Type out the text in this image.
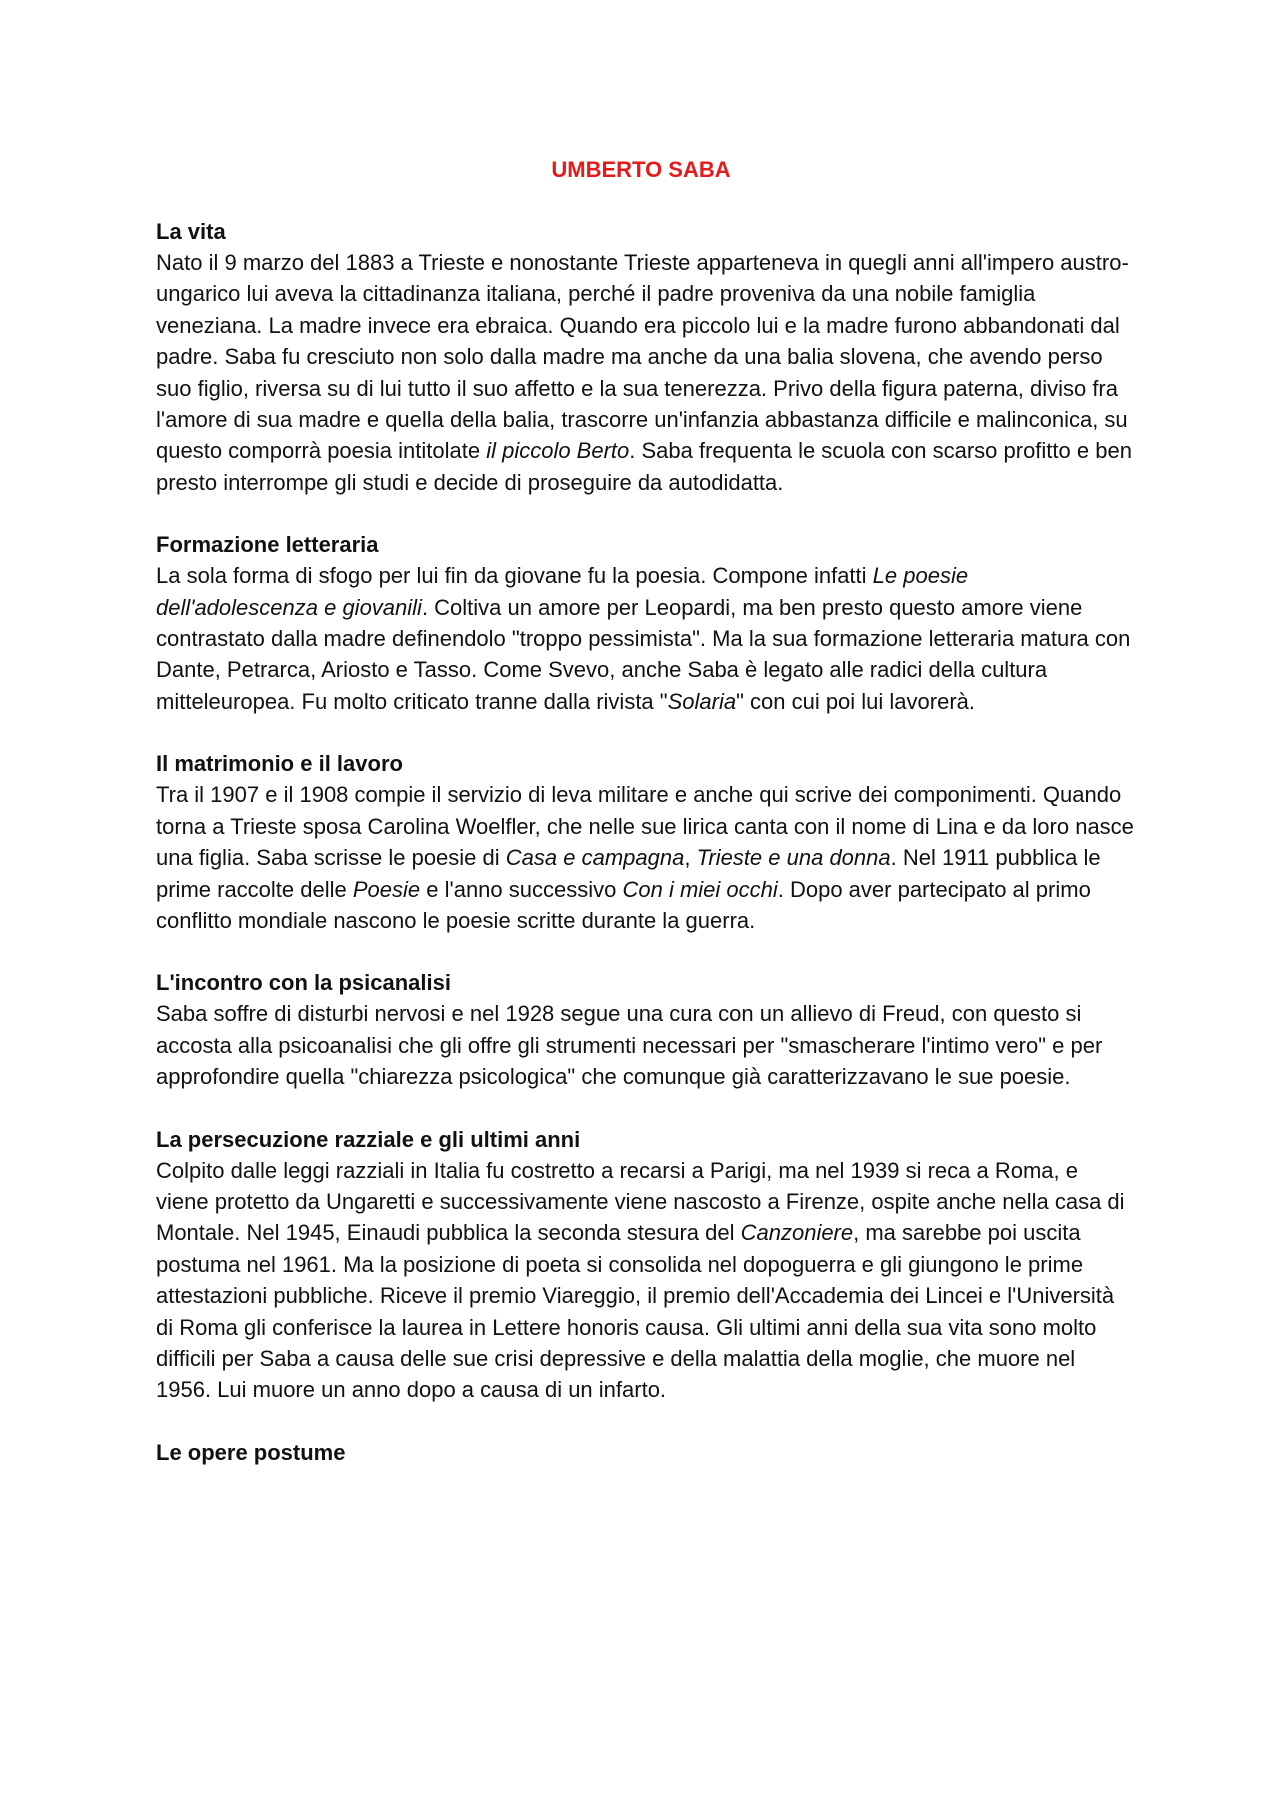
UMBERTO SABA
La vita
Nato il 9 marzo del 1883 a Trieste e nonostante Trieste apparteneva in quegli anni all'impero austro-ungarico lui aveva la cittadinanza italiana, perché il padre proveniva da una nobile famiglia veneziana. La madre invece era ebraica. Quando era piccolo lui e la madre furono abbandonati dal padre. Saba fu cresciuto non solo dalla madre ma anche da una balia slovena, che avendo perso suo figlio, riversa su di lui tutto il suo affetto e la sua tenerezza. Privo della figura paterna, diviso fra l'amore di sua madre e quella della balia, trascorre un'infanzia abbastanza difficile e malinconica, su questo comporrà poesia intitolate il piccolo Berto. Saba frequenta le scuola con scarso profitto e ben presto interrompe gli studi e decide di proseguire da autodidatta.
Formazione letteraria
La sola forma di sfogo per lui fin da giovane fu la poesia. Compone infatti Le poesie dell'adolescenza e giovanili. Coltiva un amore per Leopardi, ma ben presto questo amore viene contrastato dalla madre definendolo "troppo pessimista". Ma la sua formazione letteraria matura con Dante, Petrarca, Ariosto e Tasso. Come Svevo, anche Saba è legato alle radici della cultura mitteleuropea. Fu molto criticato tranne dalla rivista "Solaria" con cui poi lui lavorerà.
Il matrimonio e il lavoro
Tra il 1907 e il 1908 compie il servizio di leva militare e anche qui scrive dei componimenti. Quando torna a Trieste sposa Carolina Woelfler, che nelle sue lirica canta con il nome di Lina e da loro nasce una figlia. Saba scrisse le poesie di Casa e campagna, Trieste e una donna. Nel 1911 pubblica le prime raccolte delle Poesie e l'anno successivo Con i miei occhi. Dopo aver partecipato al primo conflitto mondiale nascono le poesie scritte durante la guerra.
L'incontro con la psicanalisi
Saba soffre di disturbi nervosi e nel 1928 segue una cura con un allievo di Freud, con questo si accosta alla psicoanalisi che gli offre gli strumenti necessari per "smascherare l'intimo vero" e per approfondire quella "chiarezza psicologica" che comunque già caratterizzavano le sue poesie.
La persecuzione razziale e gli ultimi anni
Colpito dalle leggi razziali in Italia fu costretto a recarsi a Parigi, ma nel 1939 si reca a Roma, e viene protetto da Ungaretti e successivamente viene nascosto a Firenze, ospite anche nella casa di Montale. Nel 1945, Einaudi pubblica la seconda stesura del Canzoniere, ma sarebbe poi uscita postuma nel 1961. Ma la posizione di poeta si consolida nel dopoguerra e gli giungono le prime attestazioni pubbliche. Riceve il premio Viareggio, il premio dell'Accademia dei Lincei e l'Università di Roma gli conferisce la laurea in Lettere honoris causa. Gli ultimi anni della sua vita sono molto difficili per Saba a causa delle sue crisi depressive e della malattia della moglie, che muore nel 1956. Lui muore un anno dopo a causa di un infarto.
Le opere postume
